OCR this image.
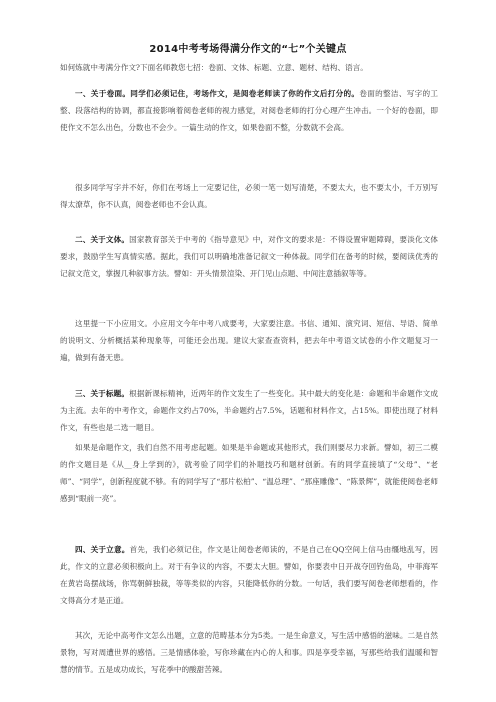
2014中考考场得满分作文的“七”个关键点

如何炼就中考满分作文?下面名师教您七招：卷面、文体、标题、立意、题材、结构、语言。

一、关于卷面。同学们必须记住，考场作文，是阅卷老师读了你的作文后打分的。卷面的整洁、写字的工整、段落结构的协调，都直接影响着阅卷老师的视力感觉，对阅卷老师的打分心理产生冲击。一个好的卷面，即使作文不怎么出色，分数也不会少。一篇生动的作文，如果卷面不整，分数就不会高。

很多同学写字并不好，你们在考场上一定要记住，必须一笔一划写清楚，不要太大，也不要太小，千万别写得太潦草，你不认真，阅卷老师也不会认真。

二、关于文体。国家教育部关于中考的《指导意见》中，对作文的要求是：不得设置审题障碍，要淡化文体要求，鼓励学生写真情实感。据此，我们可以明确地准备记叙文一种体裁。同学们在备考的时候，要阅读优秀的记叙文范文，掌握几种叙事方法。譬如：开头情景渲染、开门见山点题、中间注意插叙等等。

这里提一下小应用文。小应用文今年中考八成要考，大家要注意。书信、通知、演究词、短信、导语、简单的说明文、分析概括某种现象等，可能还会出现。建议大家查查资料，把去年中考语文试卷的小作文题复习一遍，做到有备无患。

三、关于标题。根据新课标精神，近两年的作文发生了一些变化。其中最大的变化是：命题和半命题作文成为主流。去年的中考作文，命题作文约占70%，半命题约占7.5%，话题和材料作文，占15%。即使出现了材料作文，有些也是二选一题目。

如果是命题作文，我们自然不用考虑起题。如果是半命题或其他形式，我们则要尽力求新。譬如，初三二模的作文题目是《从__身上学到的》，就考验了同学们的补题技巧和题材创新。有的同学直接填了“父母”、“老师”、“同学”，创新程度就不够。有的同学写了“那片松柏”、“温总理”、“那座雕像”、“陈景辉”，就能使阅卷老师感到“眼前一亮”。

四、关于立意。首先，我们必须记住，作文是让阅卷老师读的，不是自己在QQ空间上信马由缰地乱写，因此，作文的立意必须积极向上。对于有争议的内容，不要太大胆。譬如，你要表中日开战夺回钓鱼岛，中菲海军在黄岩岛摆战场，你骂朝鲜独裁，等等类似的内容，只能降低你的分数。一句话，我们要写阅卷老师想看的，作文得高分才是正道。

其次，无论中高考作文怎么出题，立意的范畴基本分为5类。一是生命意义，写生活中感悟的滋味。二是自然景物，写对周遭世界的感悟。三是情感体验，写你珍藏在内心的人和事。四是享受幸福，写那些给我们温暖和智慧的情节。五是成功成长，写花季中的酸甜苦辣。
